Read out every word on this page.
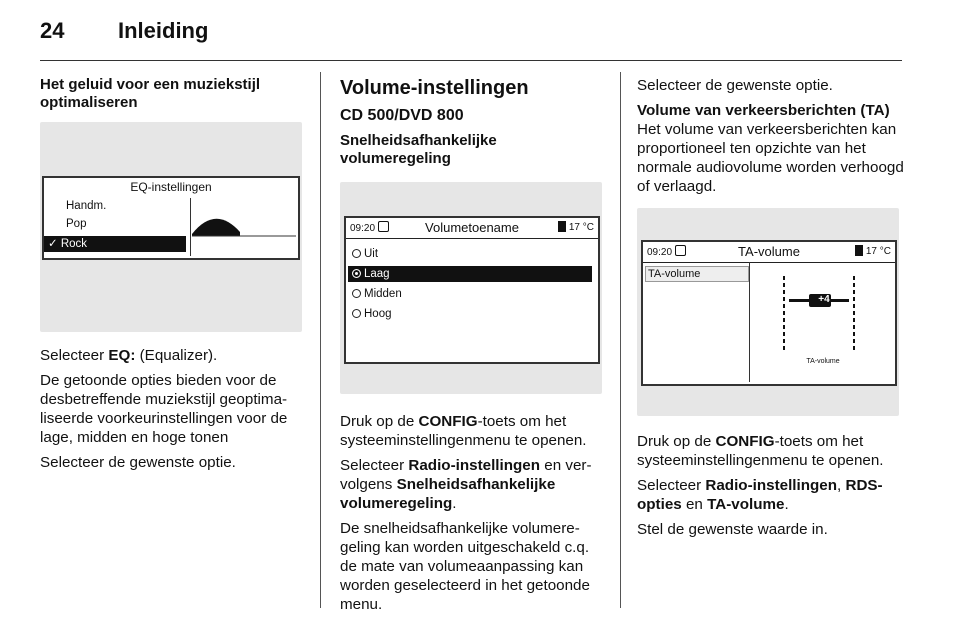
24 Inleiding
Het geluid voor een muziekstijl optimaliseren
EQ-instellingen
Handm.
Pop
✓ Rock

Selecteer EQ: (Equalizer).

De getoonde opties bieden voor de desbetreffende muziekstijl geoptima-liseerde voorkeurinstellingen voor de lage, midden en hoge tonen

Selecteer de gewenste optie.

Volume-instellingen
CD 500/DVD 800
Snelheidsafhankelijke volumeregeling
09:20	Volumetoename	17 °C
Uit
Laag
Midden
Hoog

Druk op de CONFIG-toets om het systeeminstellingenmenu te openen.

Selecteer Radio-instellingen en ver-volgens Snelheidsafhankelijke volumeregeling.

De snelheidsafhankelijke volumere-geling kan worden uitgeschakeld c.q. de mate van volumeaanpassing kan worden geselecteerd in het getoonde menu.

Selecteer de gewenste optie.

Volume van verkeersberichten (TA)

Het volume van verkeersberichten kan proportioneel ten opzichte van het normale audiovolume worden verhoogd of verlaagd.

09:20	TA-volume	17 °C
TA-volume
+4
TA-volume

Druk op de CONFIG-toets om het systeeminstellingenmenu te openen.

Selecteer Radio-instellingen, RDS-opties en TA-volume.

Stel de gewenste waarde in.
